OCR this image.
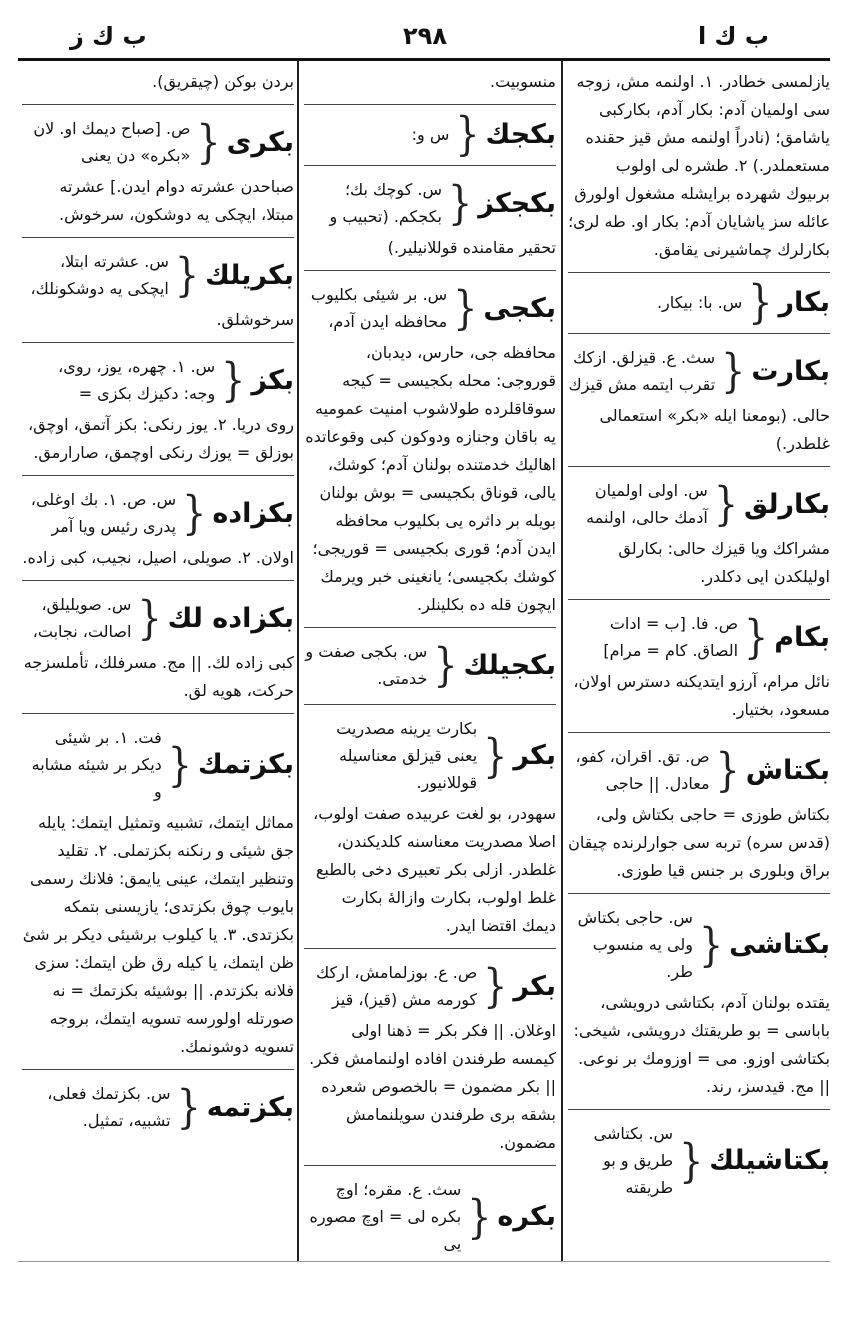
ب ك ز	٢٩٨	ب ك ا
يازلمسى خطادر. ١. اولنمه مش، زوجه سى اولميان آدم: بكار آدم، بكاركبى ياشامق؛ (نادراً اولنمه مش قيز حقنده مستعملدر.) ٢. طشره لى اولوب برىيوك شهرده برايشله مشغول اولورق عائله سز ياشايان آدم: بكار او. طه لرى؛ بكارلرك چماشيرنى يقامق.
بكار
{
س. با: بيكار.
بكارت
{
سث. ع. قيزلق. ازكك تقرب ايتمه مش قيزك
حالى. (بومعنا ايله «بكر» استعمالى غلطدر.)
بكارلق
{
س. اولى اولميان آدمك حالى، اولنمه
مشراكك ويا قيزك حالى: بكارلق اوليلكدن ايى دكلدر.
بكام
{
ص. فا. [ب = ادات الصاق. كام = مرام]
نائل مرام، آرزو ايتديكنه دسترس اولان، مسعود، بختيار.
بكتاش
{
ص. تق. اقران، كفو، معادل. || حاجى
بكتاش طوزى = حاجى بكتاش ولى، (قدس سره) تربه سى جوارلرنده چيقان براق وبلورى بر جنس قيا طوزى.
بكتاشى
{
س. حاجى بكتاش ولى يه منسوب طر.
يقتده بولنان آدم، بكتاشى درويشى، باباسى = بو طريقتك درويشى، شيخى: بكتاشى اوزو. مى = اوزومك بر نوعى. || مج. قيدسز، رند.
بكتاشيلك
{
س. بكتاشى طريق و بو طريقته
منسوبيت.
بكجك
{
س و:
بكجكز
{
س. كوچك بك؛ بكجكم. (تحبيب و
تحقير مقامنده قوللانيلير.)
بكجى
{
س. بر شيئى بكليوب محافظه ايدن آدم،
محافظه جى، حارس، ديدبان، قوروجى: محله بكجيسى = كيجه سوقاقلرده طولاشوب امنيت عموميه يه باقان وجنازه ودوكون كبى وقوعاتده اهاليك خدمتنده بولنان آدم؛ كوشك، يالى، قوناق بكجيسى = بوش بولنان بويله بر داثره يى بكليوب محافظه ايدن آدم؛ قورى بكجيسى = قوريجى؛ كوشك بكجيسى؛ يانغينى خبر ويرمك ايچون قله ده بكلينلر.
بكجيلك
{
س. بكجى صفت و خدمتى.
بكر
{
بكارت يرينه مصدريت يعنى قيزلق معناسيله قوللانيور.
سهودر، بو لغت عربيده صفت اولوب، اصلا مصدريت معناسنه كلديكندن، غلطدر. ازلى بكر تعبيرى دخى بالطبع غلط اولوب، بكارت وازالهٔ بكارت ديمك اقتضا ايدر.
بكر
{
ص. ع. بوزلمامش، اركك كورمه مش (قيز)، قيز
اوغلان. || فكر بكر = ذهنا اولى كيمسه طرفندن افاده اولنمامش فكر. || بكر مضمون = بالخصوص شعرده بشقه برى طرفندن سويلنمامش مضمون.
بكره
{
سث. ع. مقره؛ اوچ بكره لى = اوچ مصوره يى
بردن بوكن (چيقريق).
بكرى
{
ص. [صباح ديمك او. لان «بكره» دن يعنى
صباحدن عشرته دوام ايدن.] عشرته مبتلا، ايچكى يه دوشكون، سرخوش.
بكريلك
{
س. عشرته ابتلا، ايچكى يه دوشكونلك،
سرخوشلق.
بكز
{
س. ١. چهره، يوز، روى، وجه: دكيزك بكزى =
روى دريا. ٢. يوز رنكى: بكز آتمق، اوچق، بوزلق = يوزك رنكى اوچمق، صارارمق.
بكزاده
{
س. ص. ١. بك اوغلى، پدرى رئيس ويا آمر
اولان. ٢. صويلى، اصيل، نجيب، كبى زاده.
بكزاده لك
{
س. صويليلق، اصالت، نجابت،
كبى زاده لك. || مج. مسرفلك، تأملسزجه حركت، هويه لق.
بكزتمك
{
فت. ١. بر شيئى ديكر بر شيئه مشابه و
مماثل ايتمك، تشبيه وتمثيل ايتمك: يايله جق شيئى و رنكنه بكزتملى. ٢. تقليد وتنظير ايتمك، عينى يايمق: فلانك رسمى بايوب چوق بكزتدى؛ يازيسنى بتمكه بكزتدى. ٣. يا كيلوب برشيئى ديكر بر شئ ظن ايتمك، يا كيله رق ظن ايتمك: سزى فلانه بكزتدم. || بوشيئه بكزتمك = نه صورتله اولورسه تسويه ايتمك، بروجه تسويه دوشونمك.
بكزتمه
{
س. بكزتمك فعلى، تشبيه، تمثيل.
